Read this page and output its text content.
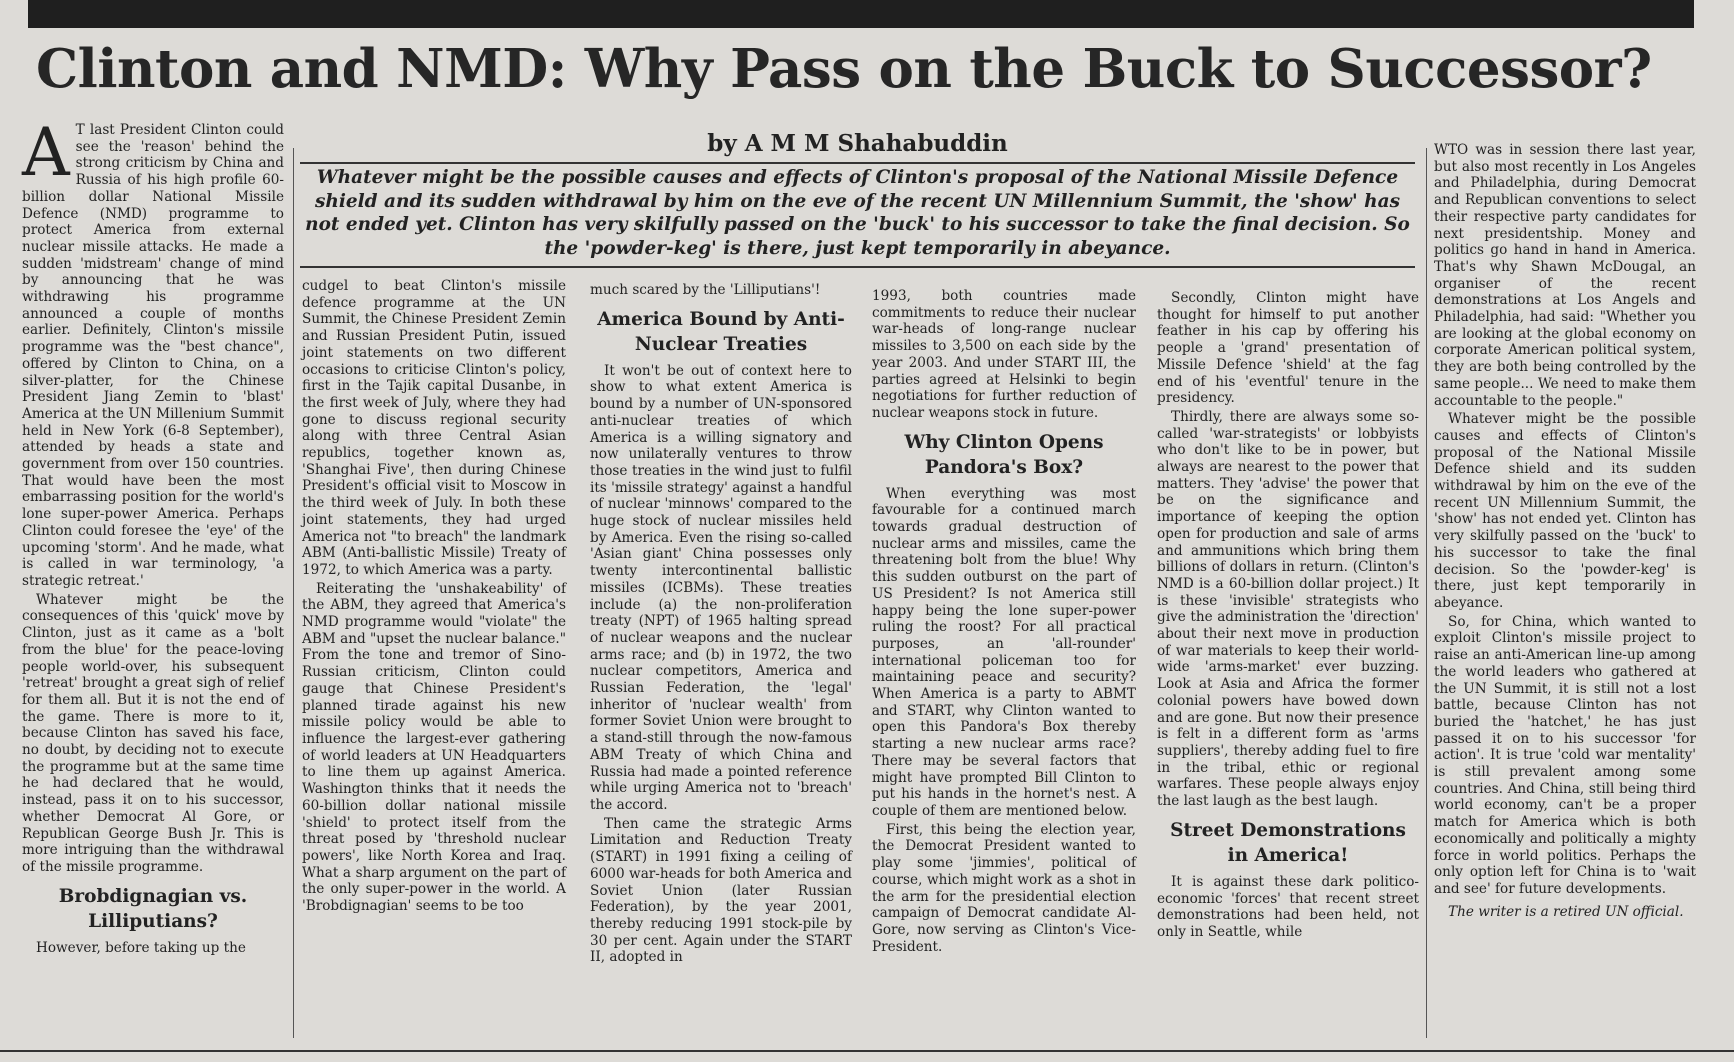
Clinton and NMD: Why Pass on the Buck to Successor?
by A M M Shahabuddin

Whatever might be the possible causes and effects of Clinton's proposal of the National Missile Defence shield and its sudden withdrawal by him on the eve of the recent UN Millennium Summit, the 'show' has not ended yet. Clinton has very skilfully passed on the 'buck' to his successor to take the final decision. So the 'powder-keg' is there, just kept temporarily in abeyance.

A T last President Clinton could see the 'reason' behind the strong criticism by China and Russia of his high profile 60-billion dollar National Missile Defence (NMD) programme to protect America from external nuclear missile attacks. He made a sudden 'midstream' change of mind by announcing that he was withdrawing his programme announced a couple of months earlier. Definitely, Clinton's missile programme was the "best chance", offered by Clinton to China, on a silver-platter, for the Chinese President Jiang Zemin to 'blast' America at the UN Millenium Summit held in New York (6-8 September), attended by heads a state and government from over 150 countries. That would have been the most embarrassing position for the world's lone super-power America. Perhaps Clinton could foresee the 'eye' of the upcoming 'storm'. And he made, what is called in war terminology, 'a strategic retreat.'

Whatever might be the consequences of this 'quick' move by Clinton, just as it came as a 'bolt from the blue' for the peace-loving people world-over, his subsequent 'retreat' brought a great sigh of relief for them all. But it is not the end of the game. There is more to it, because Clinton has saved his face, no doubt, by deciding not to execute the programme but at the same time he had declared that he would, instead, pass it on to his successor, whether Democrat Al Gore, or Republican George Bush Jr. This is more intriguing than the withdrawal of the missile programme.

Brobdignagian vs. Lilliputians?

However, before taking up the

cudgel to beat Clinton's missile defence programme at the UN Summit, the Chinese President Zemin and Russian President Putin, issued joint statements on two different occasions to criticise Clinton's policy, first in the Tajik capital Dusanbe, in the first week of July, where they had gone to discuss regional security along with three Central Asian republics, together known as, 'Shanghai Five', then during Chinese President's official visit to Moscow in the third week of July. In both these joint statements, they had urged America not "to breach" the landmark ABM (Anti-ballistic Missile) Treaty of 1972, to which America was a party.

Reiterating the 'unshakeability' of the ABM, they agreed that America's NMD programme would "violate" the ABM and "upset the nuclear balance." From the tone and tremor of Sino-Russian criticism, Clinton could gauge that Chinese President's planned tirade against his new missile policy would be able to influence the largest-ever gathering of world leaders at UN Headquarters to line them up against America. Washington thinks that it needs the 60-billion dollar national missile 'shield' to protect itself from the threat posed by 'threshold nuclear powers', like North Korea and Iraq. What a sharp argument on the part of the only super-power in the world. A 'Brobdignagian' seems to be too

much scared by the 'Lilliputians'!

America Bound by Anti-Nuclear Treaties

It won't be out of context here to show to what extent America is bound by a number of UN-sponsored anti-nuclear treaties of which America is a willing signatory and now unilaterally ventures to throw those treaties in the wind just to fulfil its 'missile strategy' against a handful of nuclear 'minnows' compared to the huge stock of nuclear missiles held by America. Even the rising so-called 'Asian giant' China possesses only twenty intercontinental ballistic missiles (ICBMs). These treaties include (a) the non-proliferation treaty (NPT) of 1965 halting spread of nuclear weapons and the nuclear arms race; and (b) in 1972, the two nuclear competitors, America and Russian Federation, the 'legal' inheritor of 'nuclear wealth' from former Soviet Union were brought to a stand-still through the now-famous ABM Treaty of which China and Russia had made a pointed reference while urging America not to 'breach' the accord.

Then came the strategic Arms Limitation and Reduction Treaty (START) in 1991 fixing a ceiling of 6000 war-heads for both America and Soviet Union (later Russian Federation), by the year 2001, thereby reducing 1991 stock-pile by 30 per cent. Again under the START II, adopted in

1993, both countries made commitments to reduce their nuclear war-heads of long-range nuclear missiles to 3,500 on each side by the year 2003. And under START III, the parties agreed at Helsinki to begin negotiations for further reduction of nuclear weapons stock in future.

Why Clinton Opens Pandora's Box?

When everything was most favourable for a continued march towards gradual destruction of nuclear arms and missiles, came the threatening bolt from the blue! Why this sudden outburst on the part of US President? Is not America still happy being the lone super-power ruling the roost? For all practical purposes, an 'all-rounder' international policeman too for maintaining peace and security? When America is a party to ABMT and START, why Clinton wanted to open this Pandora's Box thereby starting a new nuclear arms race? There may be several factors that might have prompted Bill Clinton to put his hands in the hornet's nest. A couple of them are mentioned below.

First, this being the election year, the Democrat President wanted to play some 'jimmies', political of course, which might work as a shot in the arm for the presidential election campaign of Democrat candidate Al-Gore, now serving as Clinton's Vice-President.

Secondly, Clinton might have thought for himself to put another feather in his cap by offering his people a 'grand' presentation of Missile Defence 'shield' at the fag end of his 'eventful' tenure in the presidency.

Thirdly, there are always some so-called 'war-strategists' or lobbyists who don't like to be in power, but always are nearest to the power that matters. They 'advise' the power that be on the significance and importance of keeping the option open for production and sale of arms and ammunitions which bring them billions of dollars in return. (Clinton's NMD is a 60-billion dollar project.) It is these 'invisible' strategists who give the administration the 'direction' about their next move in production of war materials to keep their world-wide 'arms-market' ever buzzing. Look at Asia and Africa the former colonial powers have bowed down and are gone. But now their presence is felt in a different form as 'arms suppliers', thereby adding fuel to fire in the tribal, ethic or regional warfares. These people always enjoy the last laugh as the best laugh.

Street Demonstrations in America!

It is against these dark politico-economic 'forces' that recent street demonstrations had been held, not only in Seattle, while

WTO was in session there last year, but also most recently in Los Angeles and Philadelphia, during Democrat and Republican conventions to select their respective party candidates for next presidentship. Money and politics go hand in hand in America. That's why Shawn McDougal, an organiser of the recent demonstrations at Los Angels and Philadelphia, had said: "Whether you are looking at the global economy on corporate American political system, they are both being controlled by the same people... We need to make them accountable to the people."

Whatever might be the possible causes and effects of Clinton's proposal of the National Missile Defence shield and its sudden withdrawal by him on the eve of the recent UN Millennium Summit, the 'show' has not ended yet. Clinton has very skilfully passed on the 'buck' to his successor to take the final decision. So the 'powder-keg' is there, just kept temporarily in abeyance.

So, for China, which wanted to exploit Clinton's missile project to raise an anti-American line-up among the world leaders who gathered at the UN Summit, it is still not a lost battle, because Clinton has not buried the 'hatchet,' he has just passed it on to his successor 'for action'. It is true 'cold war mentality' is still prevalent among some countries. And China, still being third world economy, can't be a proper match for America which is both economically and politically a mighty force in world politics. Perhaps the only option left for China is to 'wait and see' for future developments.

The writer is a retired UN official.
